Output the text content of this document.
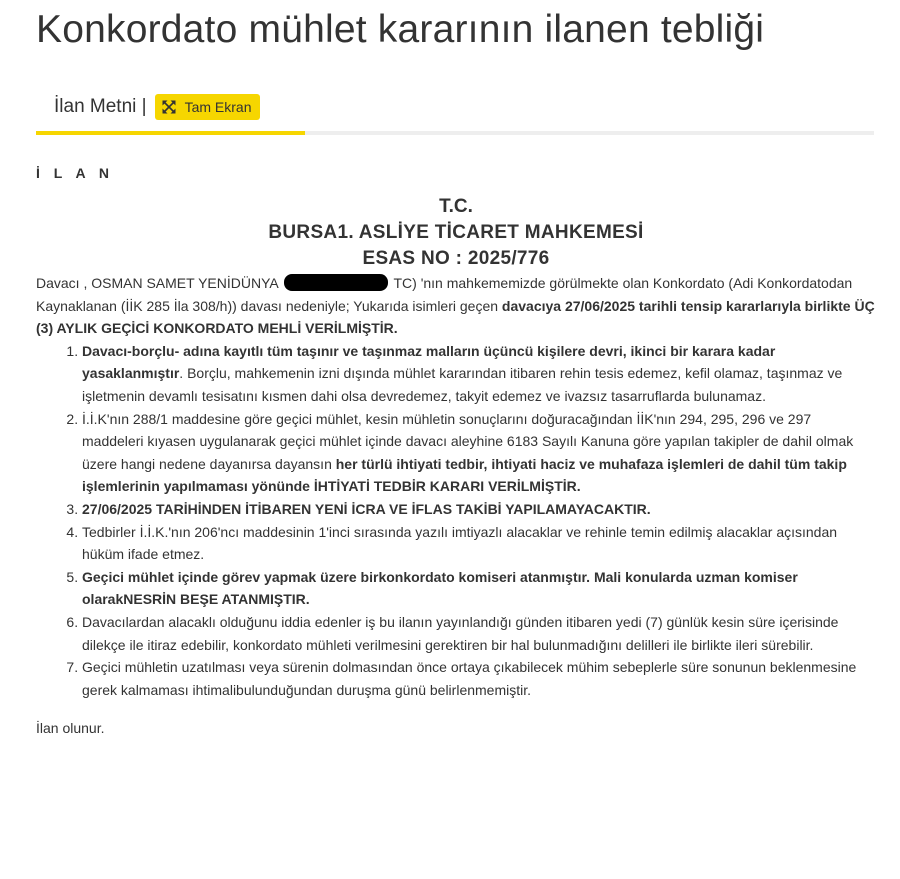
Konkordato mühlet kararının ilanen tebliği
İlan Metni |	Tam Ekran
İ L A N
T.C.
BURSA1. ASLİYE TİCARET MAHKEMESİ
ESAS NO : 2025/776

Davacı , OSMAN SAMET YENİDÜNYA	TC) 'nın mahkememizde görülmekte olan Konkordato (Adi Konkordatodan Kaynaklanan (İİK 285 İla 308/h)) davası nedeniyle; Yukarıda isimleri geçen davacıya 27/06/2025 tarihli tensip kararlarıyla birlikte ÜÇ (3) AYLIK GEÇİCİ KONKORDATO MEHLİ VERİLMİŞTİR.

1. Davacı-borçlu- adına kayıtlı tüm taşınır ve taşınmaz malların üçüncü kişilere devri, ikinci bir karara kadar yasaklanmıştır. Borçlu, mahkemenin izni dışında mühlet kararından itibaren rehin tesis edemez, kefil olamaz, taşınmaz ve işletmenin devamlı tesisatını kısmen dahi olsa devredemez, takyit edemez ve ivazsız tasarruflarda bulunamaz.
2. İ.İ.K'nın 288/1 maddesine göre geçici mühlet, kesin mühletin sonuçlarını doğuracağından İİK'nın 294, 295, 296 ve 297 maddeleri kıyasen uygulanarak geçici mühlet içinde davacı aleyhine 6183 Sayılı Kanuna göre yapılan takipler de dahil olmak üzere hangi nedene dayanırsa dayansın her türlü ihtiyati tedbir, ihtiyati haciz ve muhafaza işlemleri de dahil tüm takip işlemlerinin yapılmaması yönünde İHTİYATİ TEDBİR KARARI VERİLMİŞTİR.
3. 27/06/2025 TARİHİNDEN İTİBAREN YENİ İCRA VE İFLAS TAKİBİ YAPILAMAYACAKTIR.
4. Tedbirler İ.İ.K.'nın 206'ncı maddesinin 1'inci sırasında yazılı imtiyazlı alacaklar ve rehinle temin edilmiş alacaklar açısından hüküm ifade etmez.
5. Geçici mühlet içinde görev yapmak üzere birkonkordato komiseri atanmıştır. Mali konularda uzman komiser olarakNESRİN BEŞE ATANMIŞTIR.
6. Davacılardan alacaklı olduğunu iddia edenler iş bu ilanın yayınlandığı günden itibaren yedi (7) günlük kesin süre içerisinde dilekçe ile itiraz edebilir, konkordato mühleti verilmesini gerektiren bir hal bulunmadığını delilleri ile birlikte ileri sürebilir.
7. Geçici mühletin uzatılması veya sürenin dolmasından önce ortaya çıkabilecek mühim sebeplerle süre sonunun beklenmesine gerek kalmaması ihtimalibulunduğundan duruşma günü belirlenmemiştir.
İlan olunur.
